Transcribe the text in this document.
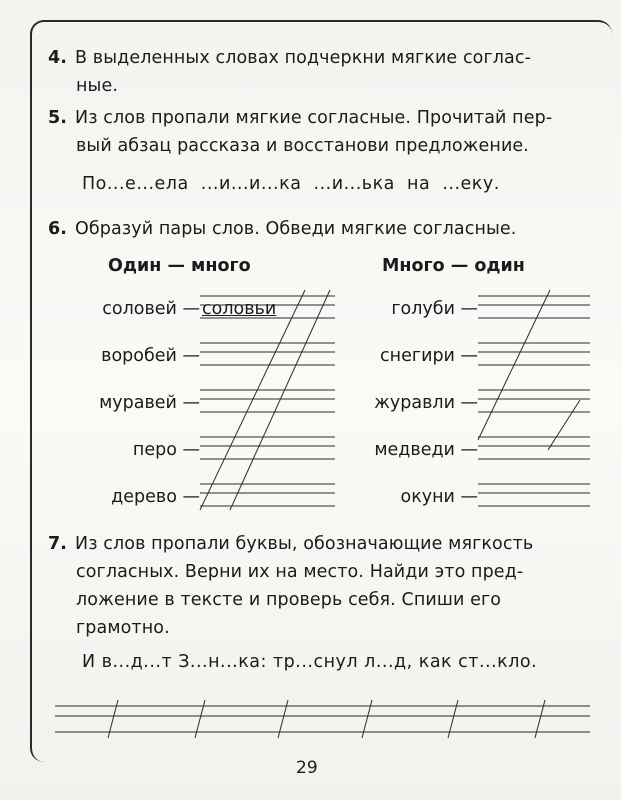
4. В выделенных словах подчеркни мягкие соглас-
ные.
5. Из слов пропали мягкие согласные. Прочитай пер-
вый абзац рассказа и восстанови предложение.
По...е...ела  ...и...и...ка  ...и...ька  на  ...еку.
6. Образуй пары слов. Обведи мягкие согласные.
Один — много	Много — один
соловей — соловьи
воробей —
муравей —
перо —
дерево —
голуби —
снегири —
журавли —
медведи —
окуни —
7. Из слов пропали буквы, обозначающие мягкость
согласных. Верни их на место. Найди это пред-
ложение в тексте и проверь себя. Спиши его
грамотно.
И в...д...т З...н...ка: тр...снул л...д, как ст...кло.
29
